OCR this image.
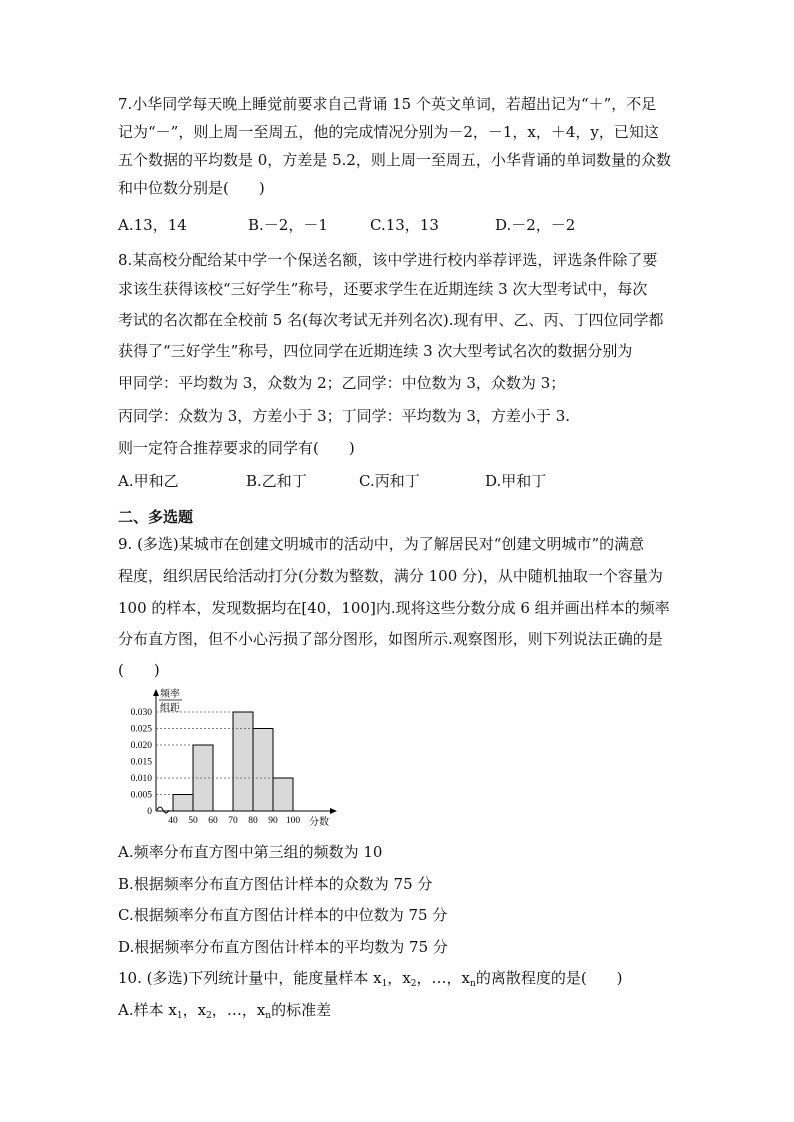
7.小华同学每天晚上睡觉前要求自己背诵 15 个英文单词，若超出记为“＋”，不足
记为“－”，则上周一至周五，他的完成情况分别为－2，－1，x，＋4，y，已知这
五个数据的平均数是 0，方差是 5.2，则上周一至周五，小华背诵的单词数量的众数
和中位数分别是(　　)
A.13，14	B.－2，－1	C.13，13	D.－2，－2
8.某高校分配给某中学一个保送名额，该中学进行校内举荐评选，评选条件除了要
求该生获得该校“三好学生”称号，还要求学生在近期连续 3 次大型考试中，每次
考试的名次都在全校前 5 名(每次考试无并列名次).现有甲、乙、丙、丁四位同学都
获得了“三好学生”称号，四位同学在近期连续 3 次大型考试名次的数据分别为
甲同学：平均数为 3，众数为 2；乙同学：中位数为 3，众数为 3；
丙同学：众数为 3，方差小于 3；丁同学：平均数为 3，方差小于 3.
则一定符合推荐要求的同学有(　　)
A.甲和乙	B.乙和丁	C.丙和丁	D.甲和丁
二、多选题
9. (多选)某城市在创建文明城市的活动中，为了解居民对“创建文明城市”的满意
程度，组织居民给活动打分(分数为整数，满分 100 分)，从中随机抽取一个容量为
100 的样本，发现数据均在[40，100]内.现将这些分数分成 6 组并画出样本的频率
分布直方图，但不小心污损了部分图形，如图所示.观察图形，则下列说法正确的是
(　　)
0
0.005
0.010
0.015
0.020
0.025
0.030
40 50 60 70 80 90 100
频率
组距
分数
A.频率分布直方图中第三组的频数为 10
B.根据频率分布直方图估计样本的众数为 75 分
C.根据频率分布直方图估计样本的中位数为 75 分
D.根据频率分布直方图估计样本的平均数为 75 分
10. (多选)下列统计量中，能度量样本 $x_1$，$x_2$，…，$x_n$的离散程度的是(　　)
A.样本 $x_1$，$x_2$，…，$x_n$的标准差
